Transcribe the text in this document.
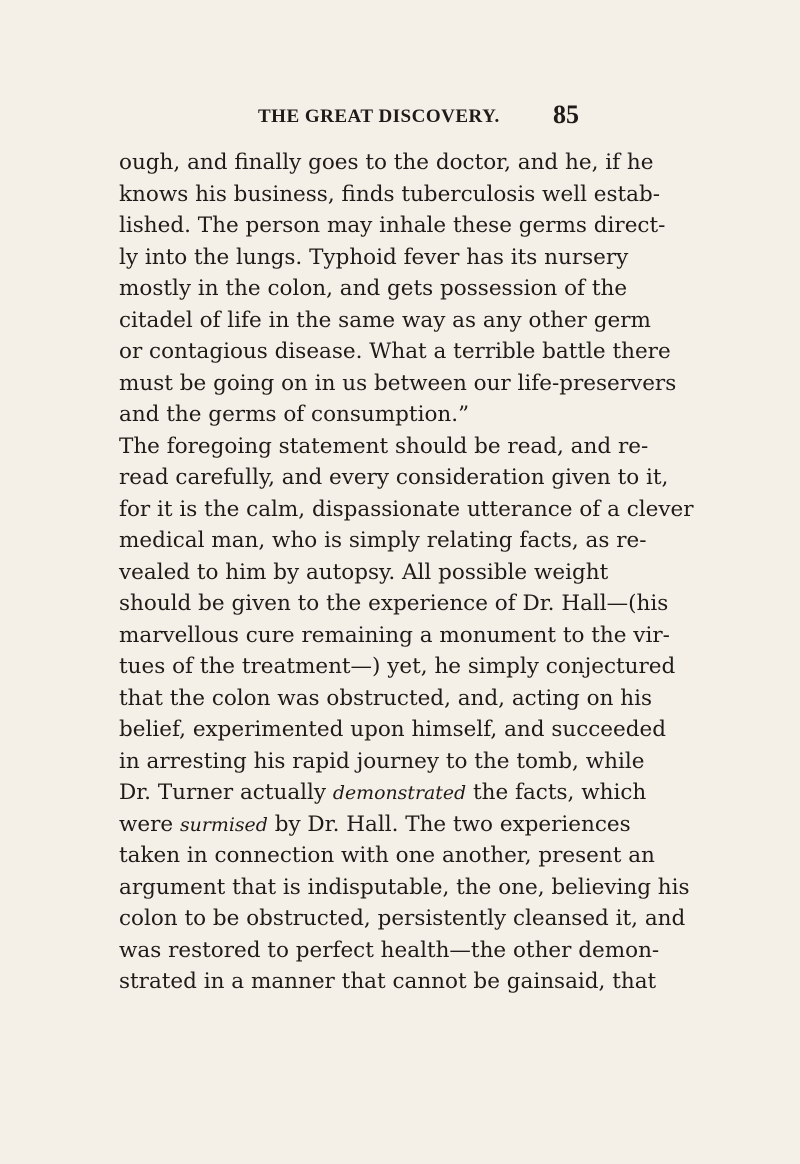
THE GREAT DISCOVERY. 85
ough, and finally goes to the doctor, and he, if he
knows his business, finds tuberculosis well estab-
lished. The person may inhale these germs direct-
ly into the lungs. Typhoid fever has its nursery
mostly in the colon, and gets possession of the
citadel of life in the same way as any other germ
or contagious disease. What a terrible battle there
must be going on in us between our life-preservers
and the germs of consumption.”
The foregoing statement should be read, and re-
read carefully, and every consideration given to it,
for it is the calm, dispassionate utterance of a clever
medical man, who is simply relating facts, as re-
vealed to him by autopsy. All possible weight
should be given to the experience of Dr. Hall—(his
marvellous cure remaining a monument to the vir-
tues of the treatment—) yet, he simply conjectured
that the colon was obstructed, and, acting on his
belief, experimented upon himself, and succeeded
in arresting his rapid journey to the tomb, while
Dr. Turner actually demonstrated the facts, which
were surmised by Dr. Hall. The two experiences
taken in connection with one another, present an
argument that is indisputable, the one, believing his
colon to be obstructed, persistently cleansed it, and
was restored to perfect health—the other demon-
strated in a manner that cannot be gainsaid, that
